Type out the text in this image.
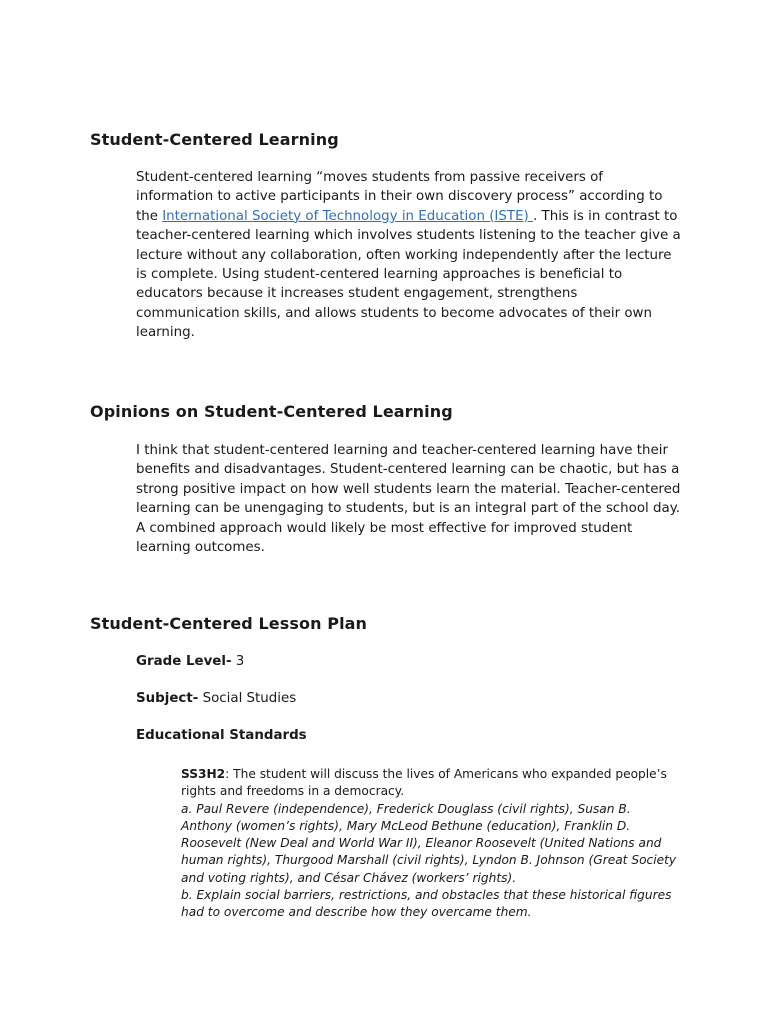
Student-Centered Learning

Student-centered learning “moves students from passive receivers of information to active participants in their own discovery process” according to the International Society of Technology in Education (ISTE) . This is in contrast to teacher-centered learning which involves students listening to the teacher give a lecture without any collaboration, often working independently after the lecture is complete. Using student-centered learning approaches is beneficial to educators because it increases student engagement, strengthens communication skills, and allows students to become advocates of their own learning.

Opinions on Student-Centered Learning

I think that student-centered learning and teacher-centered learning have their benefits and disadvantages. Student-centered learning can be chaotic, but has a strong positive impact on how well students learn the material. Teacher-centered learning can be unengaging to students, but is an integral part of the school day. A combined approach would likely be most effective for improved student learning outcomes.

Student-Centered Lesson Plan

Grade Level- 3

Subject- Social Studies

Educational Standards

SS3H2: The student will discuss the lives of Americans who expanded people’s rights and freedoms in a democracy.
a. Paul Revere (independence), Frederick Douglass (civil rights), Susan B. Anthony (women’s rights), Mary McLeod Bethune (education), Franklin D. Roosevelt (New Deal and World War II), Eleanor Roosevelt (United Nations and human rights), Thurgood Marshall (civil rights), Lyndon B. Johnson (Great Society and voting rights), and César Chávez (workers’ rights).
b. Explain social barriers, restrictions, and obstacles that these historical figures had to overcome and describe how they overcame them.
